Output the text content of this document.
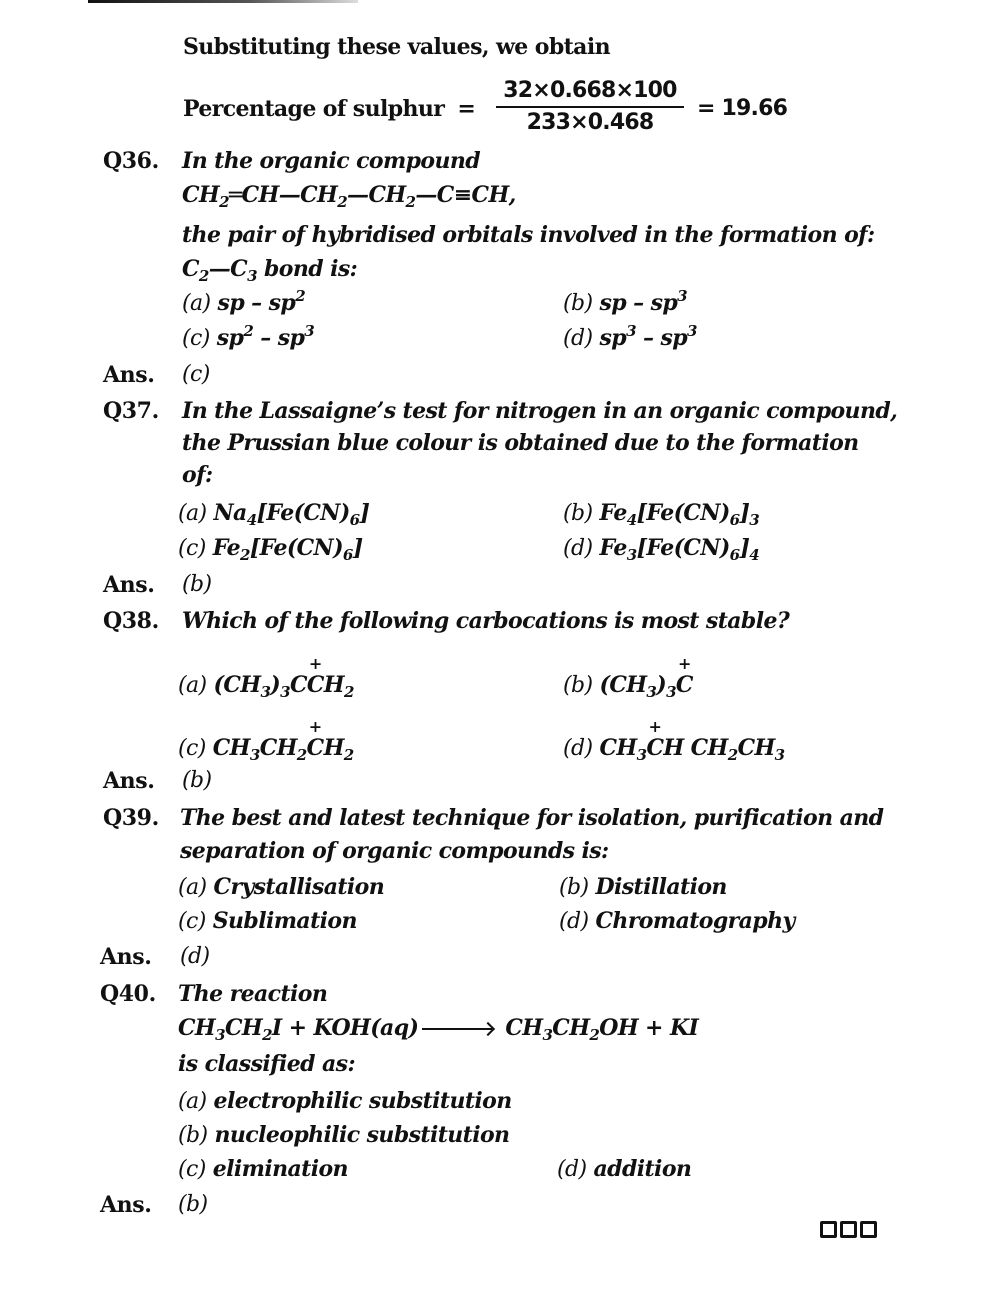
Substituting these values, we obtain
Percentage of sulphur =
32×0.668×100
233×0.468
= 19.66
Q36. In the organic compound
$CH_2═CH—CH_2—CH_2—C\equiv CH$,
the pair of hybridised orbitals involved in the formation of:
$C_2—C_3$ bond is:
(a) sp – $sp^2$	(b) sp – $sp^3$
(c) $sp^2 - sp^3$	(d) $sp^3 - sp^3$
Ans. (c)
Q37. In the Lassaigne’s test for nitrogen in an organic compound,
the Prussian blue colour is obtained due to the formation
of:
(a) $Na_4[Fe(CN)_6]$	(b) $Fe_4[Fe(CN)_6]_3$
(c) $Fe_2[Fe(CN)_6]$	(d) $Fe_3[Fe(CN)_6]_4$
Ans. (b)
Q38. Which of the following carbocations is most stable?
(a) $(CH_3)_3C+ CH_2$	(b) $(CH_3)_3+ C$
(c) $CH_3CH_2+ CH_2$	(d) $CH_3+$ CH $CH_2CH_3$
Ans. (b)
Q39. The best and latest technique for isolation, purification and
separation of organic compounds is:
(a) Crystallisation	(b) Distillation
(c) Sublimation	(d) Chromatography
Ans. (d)
Q40. The reaction
$CH_3CH_2I + KOH(aq)$	$CH_3CH_2OH$ + KI
is classified as:
(a) electrophilic substitution
(b) nucleophilic substitution
(c) elimination	(d) addition
Ans. (b)
